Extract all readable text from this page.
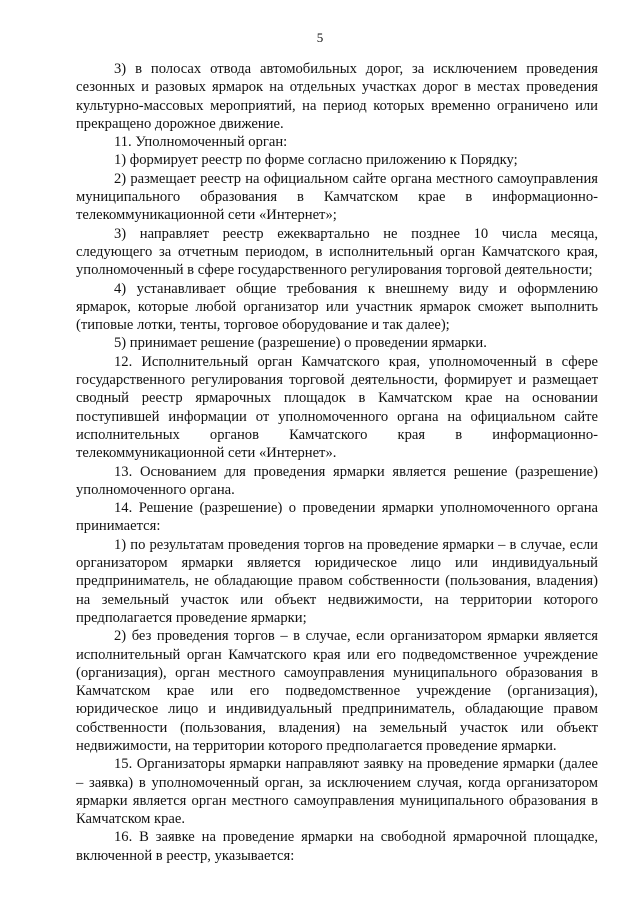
5

3) в полосах отвода автомобильных дорог, за исключением проведения сезонных и разовых ярмарок на отдельных участках дорог в местах проведения культурно-массовых мероприятий, на период которых временно ограничено или прекращено дорожное движение.

11. Уполномоченный орган:

1) формирует реестр по форме согласно приложению к Порядку;

2) размещает реестр на официальном сайте органа местного самоуправления муниципального образования в Камчатском крае в информационно-телекоммуникационной сети «Интернет»;

3) направляет реестр ежеквартально не позднее 10 числа месяца, следующего за отчетным периодом, в исполнительный орган Камчатского края, уполномоченный в сфере государственного регулирования торговой деятельности;

4) устанавливает общие требования к внешнему виду и оформлению ярмарок, которые любой организатор или участник ярмарок сможет выполнить (типовые лотки, тенты, торговое оборудование и так далее);

5) принимает решение (разрешение) о проведении ярмарки.

12. Исполнительный орган Камчатского края, уполномоченный в сфере государственного регулирования торговой деятельности, формирует и размещает сводный реестр ярмарочных площадок в Камчатском крае на основании поступившей информации от уполномоченного органа на официальном сайте исполнительных органов Камчатского края в информационно-телекоммуникационной сети «Интернет».

13. Основанием для проведения ярмарки является решение (разрешение) уполномоченного органа.

14. Решение (разрешение) о проведении ярмарки уполномоченного органа принимается:

1) по результатам проведения торгов на проведение ярмарки – в случае, если организатором ярмарки является юридическое лицо или индивидуальный предприниматель, не обладающие правом собственности (пользования, владения) на земельный участок или объект недвижимости, на территории которого предполагается проведение ярмарки;

2) без проведения торгов – в случае, если организатором ярмарки является исполнительный орган Камчатского края или его подведомственное учреждение (организация), орган местного самоуправления муниципального образования в Камчатском крае или его подведомственное учреждение (организация), юридическое лицо и индивидуальный предприниматель, обладающие правом собственности (пользования, владения) на земельный участок или объект недвижимости, на территории которого предполагается проведение ярмарки.

15. Организаторы ярмарки направляют заявку на проведение ярмарки (далее – заявка) в уполномоченный орган, за исключением случая, когда организатором ярмарки является орган местного самоуправления муниципального образования в Камчатском крае.

16. В заявке на проведение ярмарки на свободной ярмарочной площадке, включенной в реестр, указывается:
